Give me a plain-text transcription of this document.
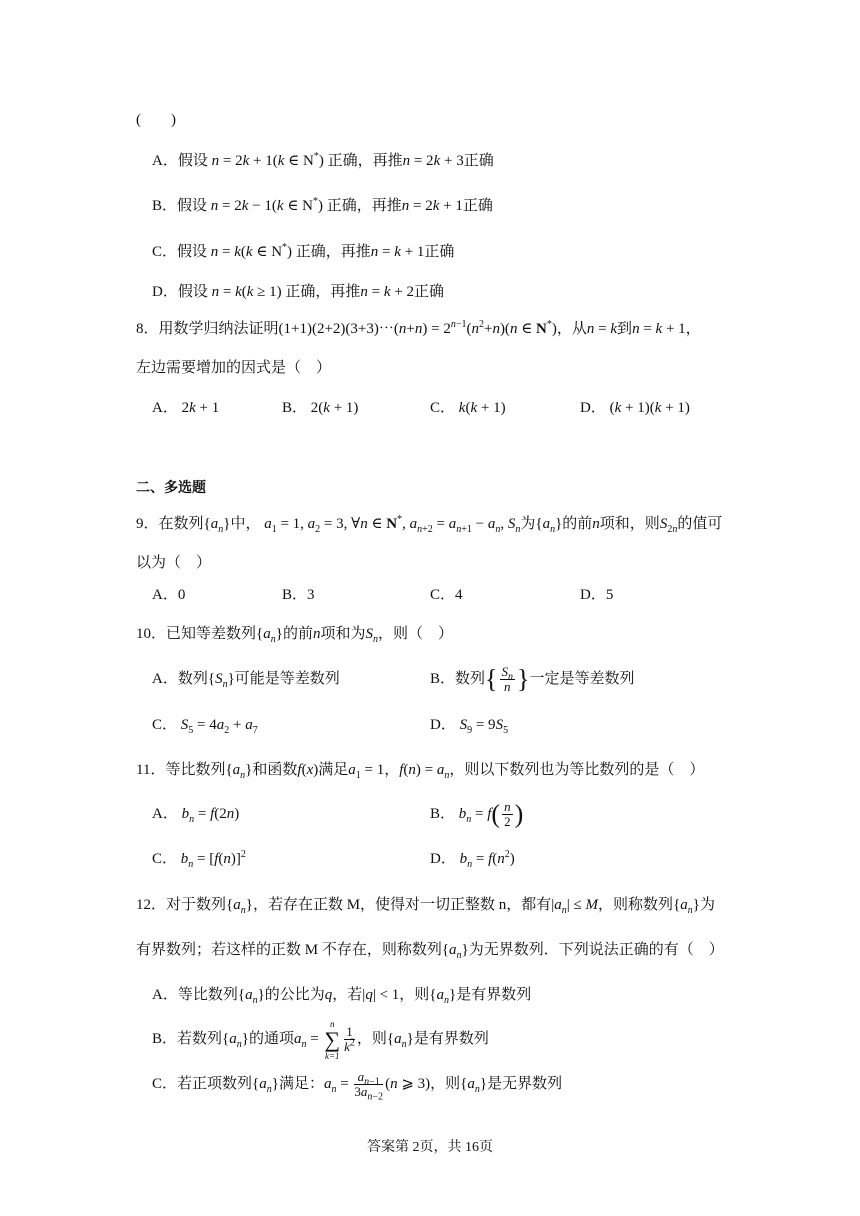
(　　)
A．假设 n = 2k + 1(k ∈ N*) 正确，再推n = 2k + 3正确
B．假设 n = 2k − 1(k ∈ N*) 正确，再推n = 2k + 1正确
C．假设 n = k(k ∈ N*) 正确，再推n = k + 1正确
D．假设 n = k(k ≥ 1) 正确，再推n = k + 2正确
8．用数学归纳法证明(1+1)(2+2)(3+3)⋯(n+n) = $2^{n-1}(n^2+n)(n$ ∈ N*)，从n = k到n = k + 1，
左边需要增加的因式是（　）
A． 2k + 1	B． 2(k + 1)	C． k(k + 1)	D． (k + 1)(k + 1)
二、多选题
9．在数列$\{a_n\}$中， $a_1 = 1$, $a_2 = 3$, ∀n ∈ N*, $a_{n+2} = a_{n+1} - a_n$, $S_n$为$\{a_n\}$的前n项和，则$S_{2n}$的值可
以为（　）
A．0	B．3	C．4	D．5
10．已知等差数列$\{a_n\}$的前n项和为$S_n$，则（　）
A．数列$\{S_n\}$可能是等差数列	B．数列{ $\frac{S_n}{n}$ }一定是等差数列
C． $S_5 = 4a_2 + a_7$	D． $S_9 = 9S_5$
11．等比数列$\{a_n\}$和函数f(x)满足$a_1 = 1$，$f(n) = a_n$，则以下数列也为等比数列的是（　）
A． $b_n = f(2n)$	B． $b_n = f( \frac{n}{2}$ )
C． $b_n = [f(n)]^2$	D． $b_n = f(n^2)$
12．对于数列$\{a_n\}$，若存在正数 M，使得对一切正整数 n，都有$|a_n| \le M$，则称数列$\{a_n\}$为
有界数列；若这样的正数 M 不存在，则称数列$\{a_n\}$为无界数列．下列说法正确的有（　）
A．等比数列$\{a_n\}$的公比为q，若|q| < 1，则$\{a_n\}$是有界数列
B．若数列$\{a_n\}$的通项$a_n$ =
n
∑
k=1
$\frac{1}{k^2}$ ，则$\{a_n\}$是有界数列
C．若正项数列$\{a_n\}$满足：$a_n = \frac{a_{n-1}}{3a_{n-2}} (n$ ⩾ 3)，则$\{a_n\}$是无界数列
答案第 2页，共 16页
